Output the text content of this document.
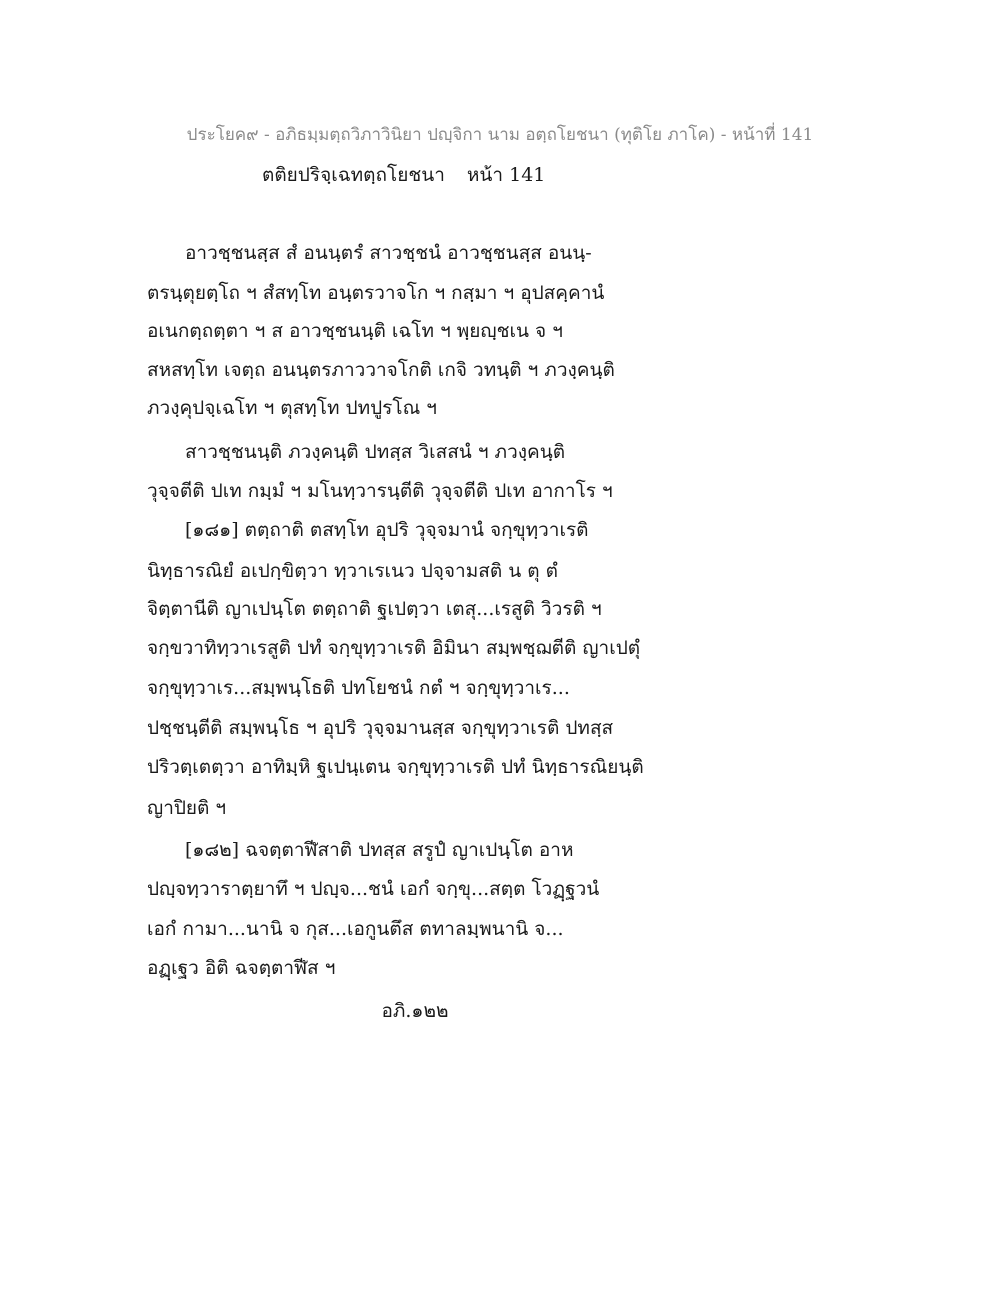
ประโยค๙ - อภิธมฺมตฺถวิภาวินิยา ปญฺจิกา นาม อตฺถโยชนา (ทุติโย ภาโค) - หน้าที่ 141
ตติยปริจฺเฉทตฺถโยชนา หน้า 141
อาวชฺชนสฺส สํ อนนฺตรํ สาวชฺชนํ อาวชฺชนสฺส อนนฺ-
ตรนฺตุยตฺโถ ฯ สํสทฺโท อนฺตรวาจโก ฯ กสฺมา ฯ อุปสคฺคานํ
อเนกตฺถตฺตา ฯ ส อาวชฺชนนฺติ เฉโท ฯ พฺยญฺชเน จ ฯ
สหสทฺโท เจตฺถ อนนฺตรภาววาจโกติ เกจิ วทนฺติ ฯ ภวงฺคนฺติ
ภวงฺคุปจฺเฉโท ฯ ตุสทฺโท ปทปูรโณ ฯ
สาวชฺชนนฺติ ภวงฺคนฺติ ปทสฺส วิเสสนํ ฯ ภวงฺคนฺติ
วุจฺจตีติ ปเท กมฺมํ ฯ มโนทฺวารนฺตีติ วุจฺจตีติ ปเท อากาโร ฯ
[๑๘๑] ตตฺถาติ ตสทฺโท อุปริ วุจฺจมานํ จกฺขุทฺวาเรติ
นิทฺธารณิยํ อเปกฺขิตฺวา ทฺวาเรเนว ปจฺจามสติ น ตุ ตํ
จิตฺตานีติ ญาเปนฺโต ตตฺถาติ ฐเปตฺวา เตสุ...เรสูติ วิวรติ ฯ
จกฺขวาทิทฺวาเรสูติ ปทํ จกฺขุทฺวาเรติ อิมินา สมฺพชฺฌตีติ ญาเปตุํ
จกฺขุทฺวาเร...สมฺพนฺโธติ ปทโยชนํ กตํ ฯ จกฺขุทฺวาเร...
ปชฺชนฺตีติ สมฺพนฺโธ ฯ อุปริ วุจฺจมานสฺส จกฺขุทฺวาเรติ ปทสฺส
ปริวตฺเตตฺวา อาทิมฺหิ ฐเปนฺเตน จกฺขุทฺวาเรติ ปทํ นิทฺธารณิยนฺติ
ญาปิยติ ฯ
[๑๘๒] ฉจตฺตาฬีสาติ ปทสฺส สรูปํ ญาเปนฺโต อาห
ปญฺจทฺวาราตฺยาทึ ฯ ปญฺจ...ชนํ เอกํ จกฺขุ...สตฺต โวฏฺฐวนํ
เอกํ กามา...นานิ จ กุส...เอกูนตึส ตทาลมฺพนานิ จ...
อฏฺเฐว อิติ ฉจตฺตาฬีส ฯ
อภิ.๑๒๒
